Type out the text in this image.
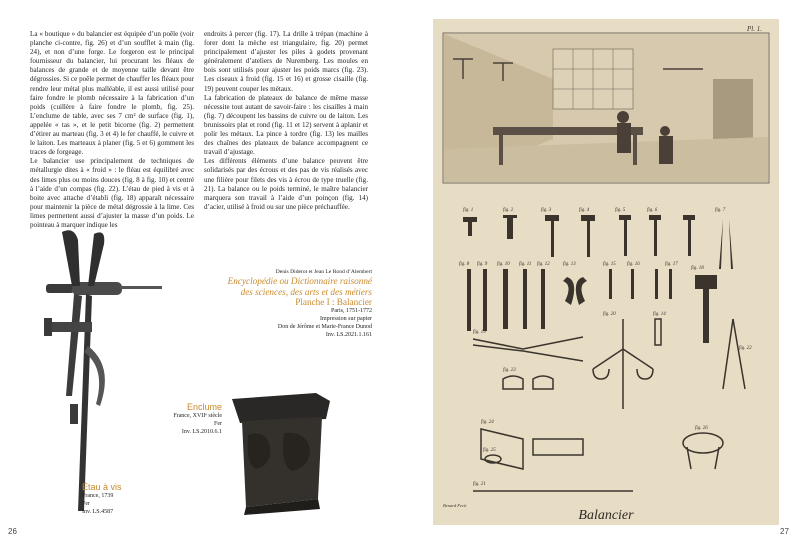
La « boutique » du balancier est équipée d’un poêle (voir planche ci-contre, fig. 26) et d’un soufflet à main (fig. 24), et non d’une forge. Le forgeron est le principal fournisseur du balancier, lui procurant les fléaux de balances de grande et de moyenne taille devant être dégrossies. Si ce poêle permet de chauffer les fléaux pour rendre leur métal plus malléable, il est aussi utilisé pour faire fondre le plomb nécessaire à la fabrication d’un poids (cuillère à faire fondre le plomb, fig. 25). L’enclume de table, avec ses 7 cm² de surface (fig. 1), appelée « tas », et le petit bicorne (fig. 2) permettent d’étirer au marteau (fig. 3 et 4) le fer chauffé, le cuivre et le laiton. Les marteaux à planer (fig. 5 et 6) gomment les traces de forgeage.

Le balancier use principalement de techniques de métallurgie dites à « froid » : le fléau est équilibré avec des limes plus ou moins douces (fig. 8 à fig. 10) et centré à l’aide d’un compas (fig. 22). L’étau de pied à vis et à boite avec attache d’établi (fig. 18) apparaît nécessaire pour maintenir la pièce de métal dégrossie à la lime. Ces limes permettent aussi d’ajuster la masse d’un poids. Le pointeau à marquer indique les

endroits à percer (fig. 17). La drille à trépan (machine à forer dont la mèche est triangulaire, fig. 20) permet principalement d’ajuster les piles à godets provenant généralement d’ateliers de Nuremberg. Les moules en bois sont utilisés pour ajuster les poids marcs (fig. 23). Les ciseaux à froid (fig. 15 et 16) et grosse cisaille (fig. 19) peuvent couper les métaux.

La fabrication de plateaux de balance de même masse nécessite tout autant de savoir-faire : les cisailles à main (fig. 7) découpent les bassins de cuivre ou de laiton. Les brunissoirs plat et rond (fig. 11 et 12) servent à aplanir et polir les métaux. La pince à tordre (fig. 13) les mailles des chaînes des plateaux de balance accompagnent ce travail d’ajustage.

Les différents éléments d’une balance peuvent être solidarisés par des écrous et des pas de vis réalisés avec une filière pour filets des vis à écrou de type truelle (fig. 21). La balance ou le poids terminé, le maître balancier marquera son travail à l’aide d’un poinçon (fig. 14) d’acier, utilisé à froid ou sur une pièce préchauffée.

Denis Diderot et Jean Le Rond d’Alembert
Encyclopédie ou Dictionnaire raisonné des sciences, des arts et des métiers
Planche I : Balancier
Paris, 1751-1772
Impression sur papier
Don de Jérôme et Marie-France Dunod
Inv. LS.2021.1.161
Enclume
France, XVIIᵉ siècle
Fer
Inv. LS.2010.6.1
Étau à vis
France, 1739
Fer
Inv. LS.4587
26	27
Pl. 1.
fig. 1	fig. 2	fig. 3	fig. 4	fig. 5	fig. 6	fig. 7
fig. 8 fig. 9 fig. 10 fig. 11 fig. 12	fig. 13
fig. 14
fig. 15 fig. 16	fig. 17
fig. 18
fig. 19
fig. 20
fig. 21
fig. 22
fig. 23
fig. 24
fig. 25
fig. 26
Benard Fecit
Balancier
